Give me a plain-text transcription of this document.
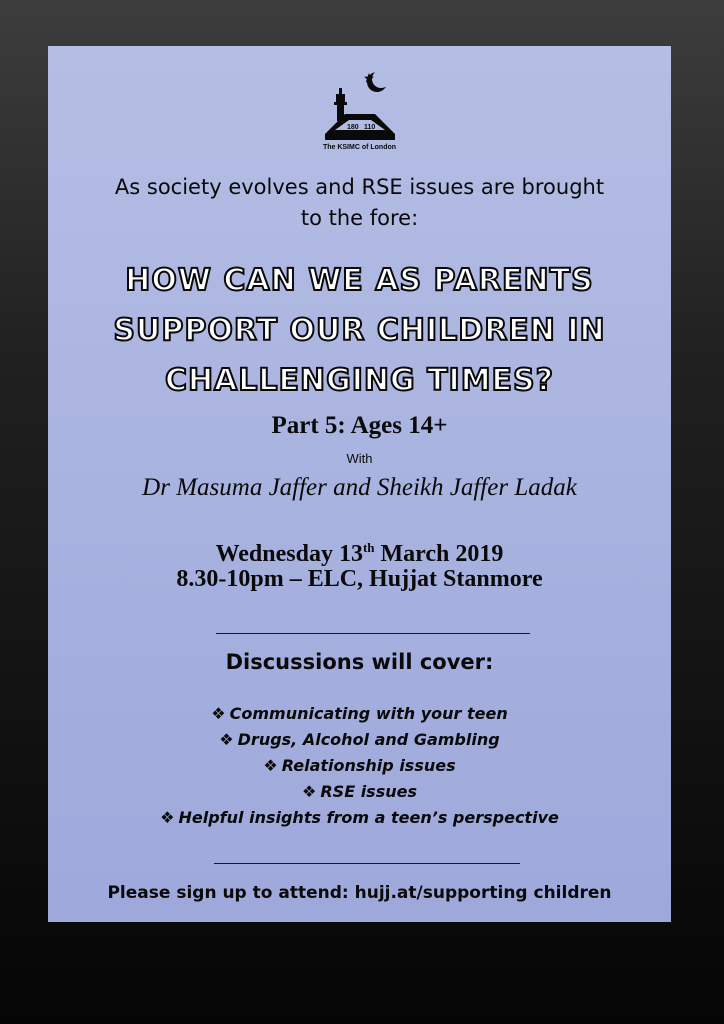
180 110
The KSIMC of London
As society evolves and RSE issues are brought
to the fore:
HOW CAN WE AS PARENTS
SUPPORT OUR CHILDREN IN
CHALLENGING TIMES?
Part 5: Ages 14+
With
Dr Masuma Jaffer and Sheikh Jaffer Ladak
Wednesday 13th March 2019
8.30-10pm – ELC, Hujjat Stanmore
Discussions will cover:
❖ Communicating with your teen
❖ Drugs, Alcohol and Gambling
❖ Relationship issues
❖ RSE issues
❖ Helpful insights from a teen’s perspective
Please sign up to attend: hujj.at/supporting children
